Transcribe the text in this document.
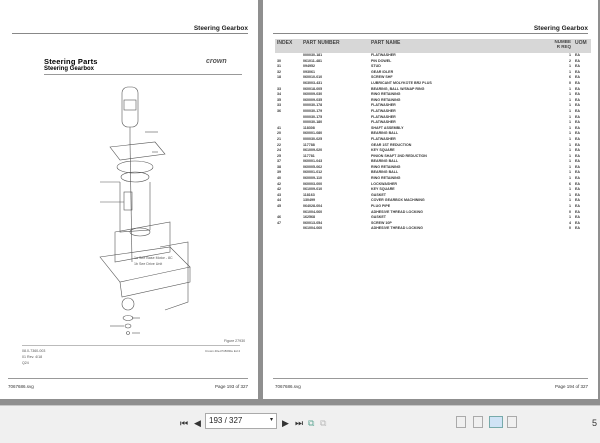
Steering Gearbox
Steering Parts
Steering Gearbox
crown
1a See Base Motor - 8C
1b See Drive Unit
Figure 27930
08.0-7360-003
01 Rev. 4/18
Q24
Crown 40e-PC8090e Ed 4
7067686.svg	Page 193 of 327
Steering Gearbox
INDEX	PART NUMBER	PART NAME	NUMBE R REQ	UOM
	000030-181	FLATWASHER	1	EA
30	061011-481	PIN DOWEL	2	EA
31	094952	STUD	1	EA
32	093061	GEAR IDLER	1	EA
18	060010-010	SCREW SHF	6	EA
	063003-431	LUBRICANT MOLYKOTE BR2 PLUS	0	EA
33	060018-005	BEARING, BALL W/SNAP RING	1	EA
34	060009-030	RING RETAINING	1	EA
35	060009-035	RING RETAINING	1	EA
33	000030-178	FLATWASHER	1	EA
36	000030-179	FLATWASHER	1	EA
	000030-175	FLATWASHER	1	EA
	000030-180	FLATWASHER	1	EA
41	118308	SHAFT ASSEMBLY	1	EA
20	060001-080	BEARING BALL	1	EA
21	000030-025	FLATWASHER	1	EA
22	117788	GEAR 1ST REDUCTION	1	EA
24	061009-020	KEY SQUARE	1	EA
25	117781	PINION SHAFT 2ND REDUCTION	1	EA
37	060001-043	BEARING BALL	1	EA
38	060005-062	RING RETAINING	1	EA
39	060001-012	BEARING BALL	1	EA
40	060009-110	RING RETAINING	1	EA
42	060003-000	LOCKWASHER	6	EA
42	061009-010	KEY SQUARE	1	EA
43	118163	GASKET	1	EA
44	130499	COVER GEARBOX MACHINING	1	EA
45	064028-004	PLUG PIPE	1	EA
	061004-060	ADHESIVE THREAD LOCKING	0	EA
46	162568	GASKET	1	EA
47	060013-054	SCREW 10P	4	EA
	061004-060	ADHESIVE THREAD LOCKING	0	EA
7067686.svg	Page 194 of 327
⏮ ◀	193 / 327	▾ ▶ ⏭ ⧉ ⧉	5
